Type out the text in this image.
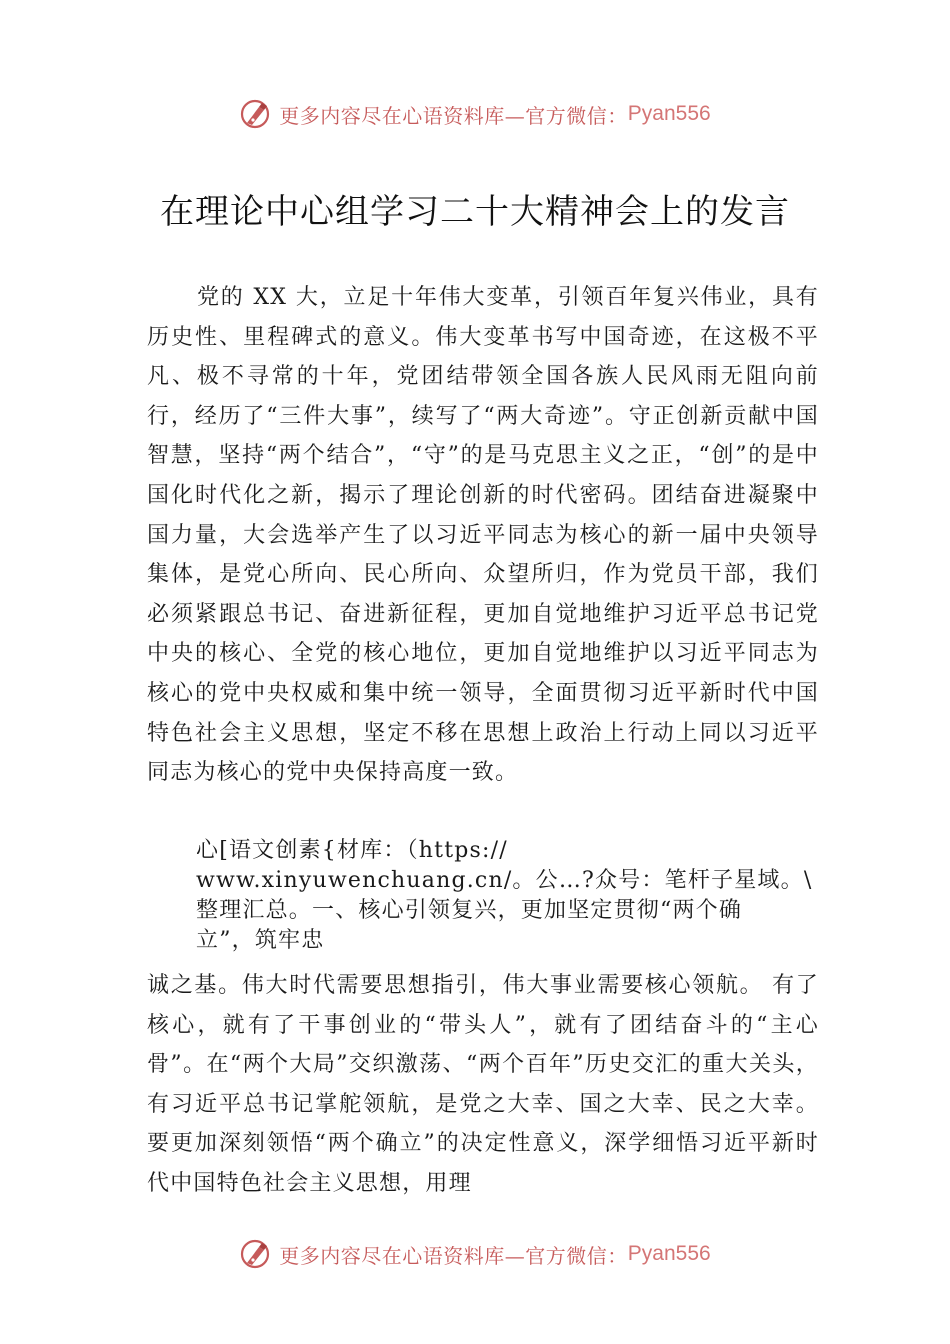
更多内容尽在心语资料库—官方微信： Pyan556
在理论中心组学习二十大精神会上的发言

党的 XX 大，立足十年伟大变革，引领百年复兴伟业，具有历史性、里程碑式的意义。伟大变革书写中国奇迹，在这极不平凡、极不寻常的十年，党团结带领全国各族人民风雨无阻向前行，经历了“三件大事”，续写了“两大奇迹”。守正创新贡献中国智慧，坚持“两个结合”，“守”的是马克思主义之正，“创”的是中国化时代化之新，揭示了理论创新的时代密码。团结奋进凝聚中国力量，大会选举产生了以习近平同志为核心的新一届中央领导集体，是党心所向、民心所向、众望所归，作为党员干部，我们必须紧跟总书记、奋进新征程，更加自觉地维护习近平总书记党中央的核心、全党的核心地位，更加自觉地维护以习近平同志为核心的党中央权威和集中统一领导，全面贯彻习近平新时代中国特色社会主义思想，坚定不移在思想上政治上行动上同以习近平同志为核心的党中央保持高度一致。

心[语文创素{材库：（https://
www.xinyuwenchuang.cn/。公…?众号：笔杆子星域。\
整理汇总。一、核心引领复兴，更加坚定贯彻“两个确
立”，筑牢忠

诚之基。伟大时代需要思想指引，伟大事业需要核心领航。 有了核心，就有了干事创业的“带头人”，就有了团结奋斗的“主心骨”。在“两个大局”交织激荡、“两个百年”历史交汇的重大关头，有习近平总书记掌舵领航，是党之大幸、国之大幸、民之大幸。要更加深刻领悟“两个确立”的决定性意义，深学细悟习近平新时代中国特色社会主义思想，用理

更多内容尽在心语资料库—官方微信： Pyan556
